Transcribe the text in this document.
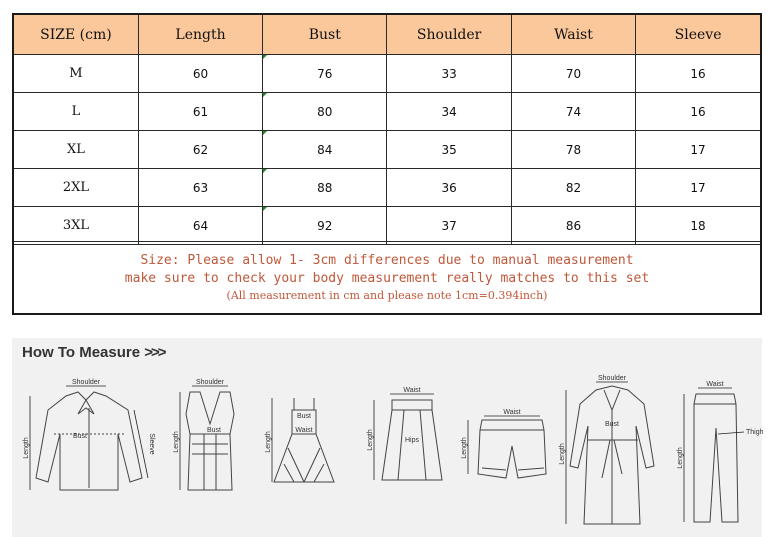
SIZE (cm)	Length	Bust	Shoulder	Waist	Sleeve
M	60	76	33	70	16
L	61	80	34	74	16
XL	62	84	35	78	17
2XL	63	88	36	82	17
3XL	64	92	37	86	18
Size: Please allow 1- 3cm differences due to manual measurement
make sure to check your body measurement really matches to this set
(All measurement in cm and please note 1cm=0.394inch)
How To Measure >>>
Shoulder
Bust
Length	Sleeve
Shoulder
Bust
Length
Bust
Waist
Length
Waist
Hips
Length
Waist
Length
Shoulder
Bust
Length
Waist
Thigh
Length
